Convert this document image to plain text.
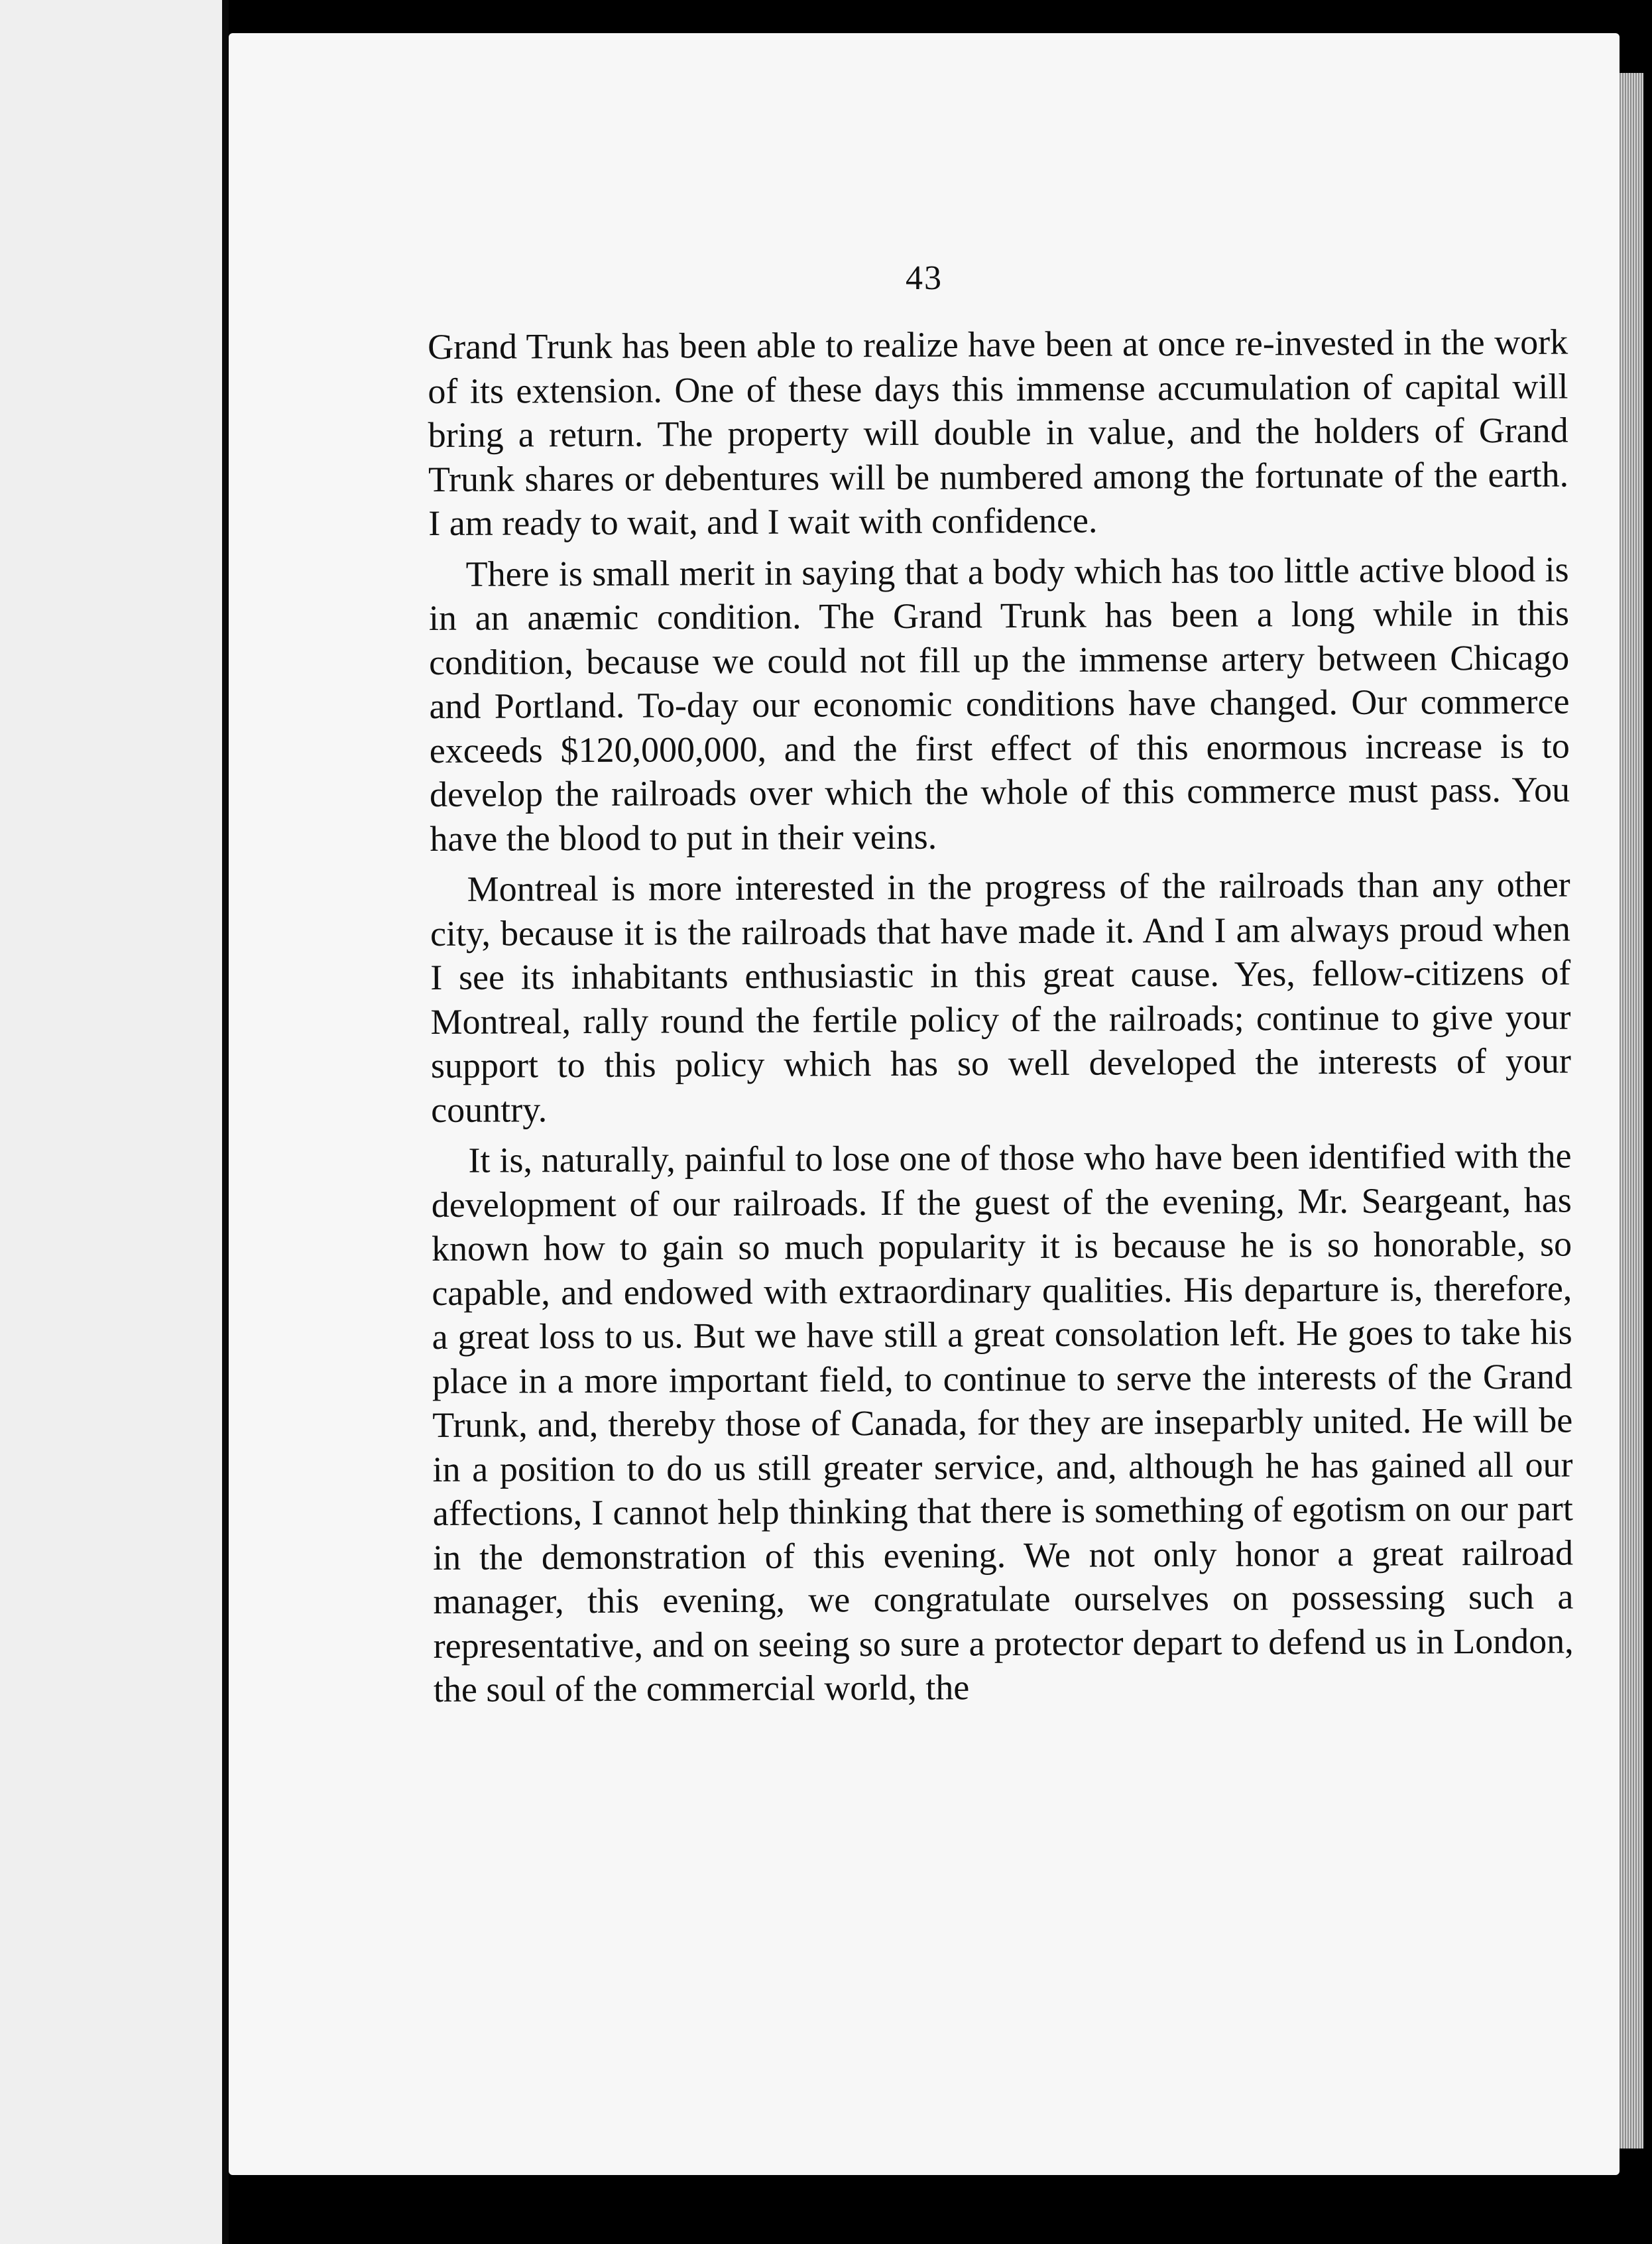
43

Grand Trunk has been able to realize have been at once re-invested in the work of its extension. One of these days this immense accumulation of capital will bring a return. The property will double in value, and the holders of Grand Trunk shares or debentures will be numbered among the fortunate of the earth. I am ready to wait, and I wait with confidence.

There is small merit in saying that a body which has too little active blood is in an anæmic condition. The Grand Trunk has been a long while in this condition, because we could not fill up the immense artery between Chicago and Portland. To-day our economic conditions have changed. Our commerce exceeds $120,000,000, and the first effect of this enormous increase is to develop the railroads over which the whole of this commerce must pass. You have the blood to put in their veins.

Montreal is more interested in the progress of the railroads than any other city, because it is the railroads that have made it. And I am always proud when I see its inhabitants enthusiastic in this great cause. Yes, fellow-citizens of Montreal, rally round the fertile policy of the railroads; continue to give your support to this policy which has so well developed the interests of your country.

It is, naturally, painful to lose one of those who have been identified with the development of our railroads. If the guest of the evening, Mr. Seargeant, has known how to gain so much popularity it is because he is so honorable, so capable, and endowed with extraordinary qualities. His departure is, therefore, a great loss to us. But we have still a great consolation left. He goes to take his place in a more important field, to continue to serve the interests of the Grand Trunk, and, thereby those of Canada, for they are inseparbly united. He will be in a position to do us still greater service, and, although he has gained all our affections, I cannot help thinking that there is something of egotism on our part in the demonstration of this evening. We not only honor a great railroad manager, this evening, we congratulate ourselves on possessing such a representative, and on seeing so sure a protector depart to defend us in London, the soul of the commercial world, the
